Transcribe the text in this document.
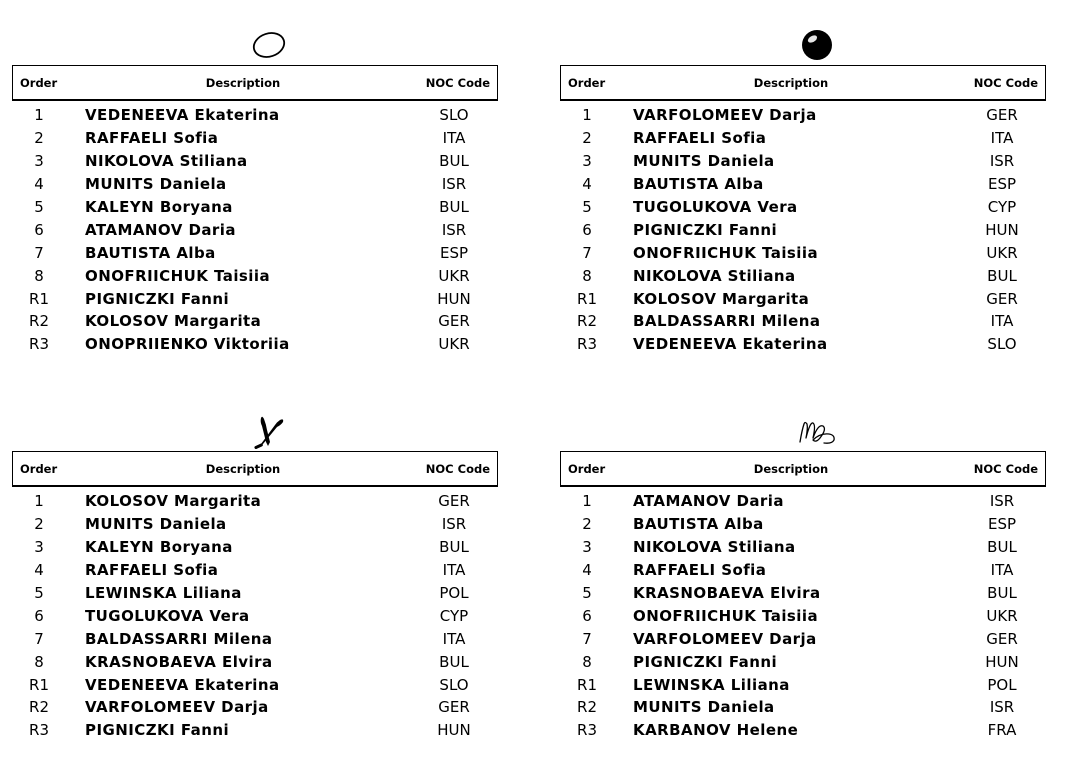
Order	Description	NOC Code
1	VEDENEEVA Ekaterina	SLO
2	RAFFAELI Sofia	ITA
3	NIKOLOVA Stiliana	BUL
4	MUNITS Daniela	ISR
5	KALEYN Boryana	BUL
6	ATAMANOV Daria	ISR
7	BAUTISTA Alba	ESP
8	ONOFRIICHUK Taisiia	UKR
R1	PIGNICZKI Fanni	HUN
R2	KOLOSOV Margarita	GER
R3	ONOPRIIENKO Viktoriia	UKR
Order	Description	NOC Code
1	VARFOLOMEEV Darja	GER
2	RAFFAELI Sofia	ITA
3	MUNITS Daniela	ISR
4	BAUTISTA Alba	ESP
5	TUGOLUKOVA Vera	CYP
6	PIGNICZKI Fanni	HUN
7	ONOFRIICHUK Taisiia	UKR
8	NIKOLOVA Stiliana	BUL
R1	KOLOSOV Margarita	GER
R2	BALDASSARRI Milena	ITA
R3	VEDENEEVA Ekaterina	SLO
Order	Description	NOC Code
1	KOLOSOV Margarita	GER
2	MUNITS Daniela	ISR
3	KALEYN Boryana	BUL
4	RAFFAELI Sofia	ITA
5	LEWINSKA Liliana	POL
6	TUGOLUKOVA Vera	CYP
7	BALDASSARRI Milena	ITA
8	KRASNOBAEVA Elvira	BUL
R1	VEDENEEVA Ekaterina	SLO
R2	VARFOLOMEEV Darja	GER
R3	PIGNICZKI Fanni	HUN
Order	Description	NOC Code
1	ATAMANOV Daria	ISR
2	BAUTISTA Alba	ESP
3	NIKOLOVA Stiliana	BUL
4	RAFFAELI Sofia	ITA
5	KRASNOBAEVA Elvira	BUL
6	ONOFRIICHUK Taisiia	UKR
7	VARFOLOMEEV Darja	GER
8	PIGNICZKI Fanni	HUN
R1	LEWINSKA Liliana	POL
R2	MUNITS Daniela	ISR
R3	KARBANOV Helene	FRA
